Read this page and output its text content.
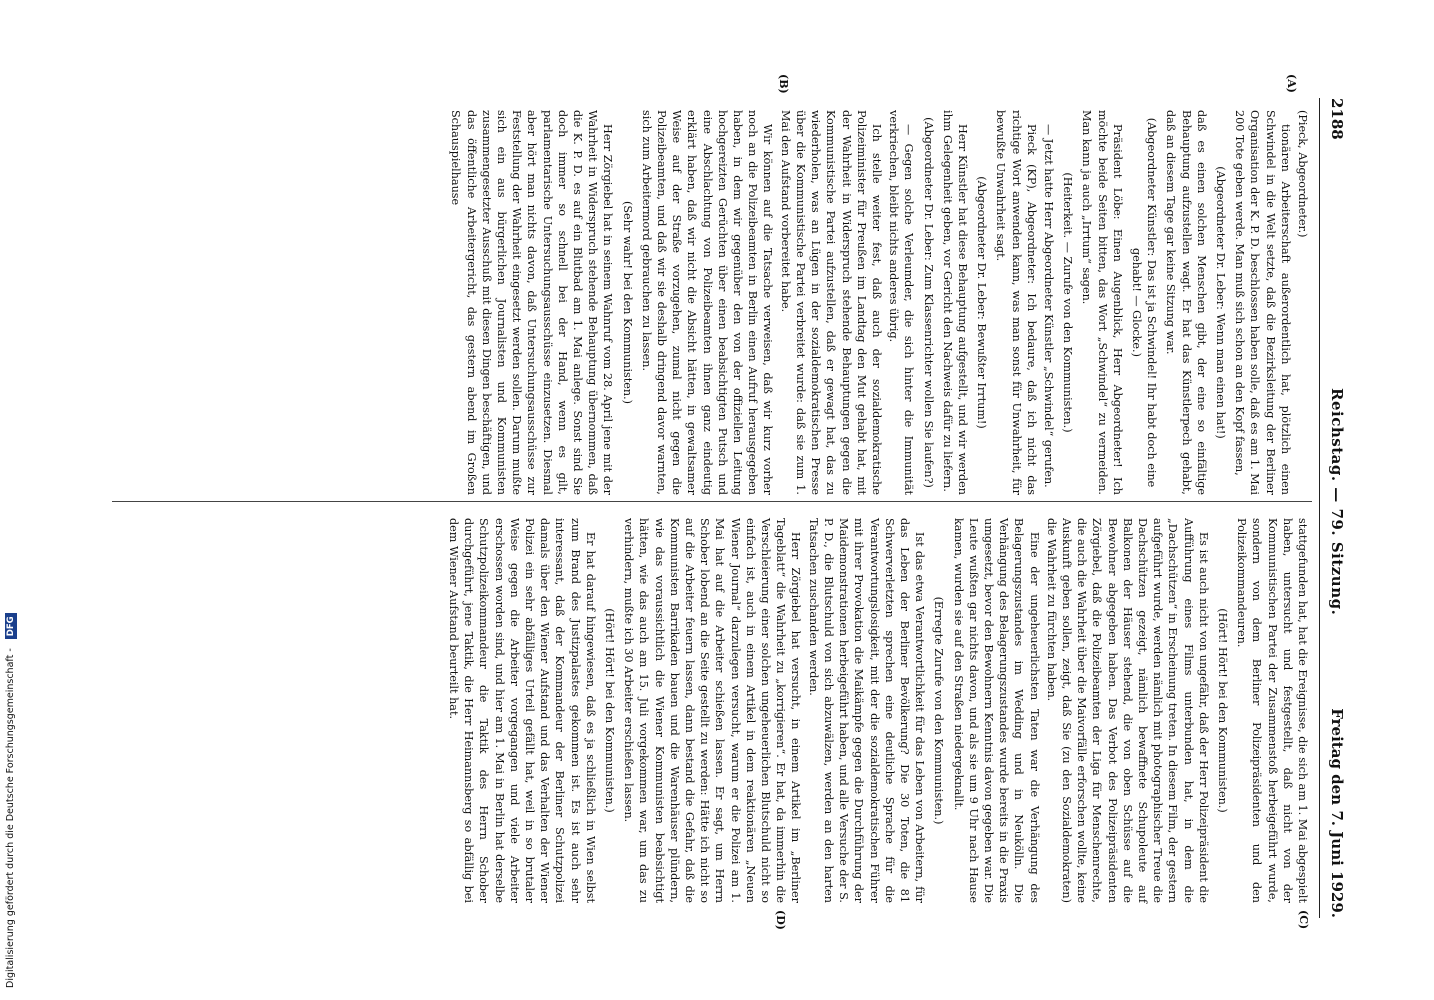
2188
Reichstag. — 79. Sitzung.
Freitag den 7. Juni 1929.
(A)
(B)
(C)
(D)

(Pieck, Abgeordneter.)

tionären Arbeiterschaft außerordentlich hat, plötzlich einen Schwindel in die Welt setzte, daß die Bezirksleitung der Berliner Organisation der K. P. D. beschlossen haben solle, daß es am 1. Mai 200 Tote geben werde. Man muß sich schon an den Kopf fassen,

(Abgeordneter Dr. Leber: Wenn man einen hat!)

daß es einen solchen Menschen gibt, der eine so einfältige Behauptung aufzustellen wagt. Er hat das Künstlerpech gehabt, daß an diesem Tage gar keine Sitzung war.

(Abgeordneter Künstler: Das ist ja Schwindel! Ihr habt doch eine gehabt! — Glocke.)

Präsident Löbe: Einen Augenblick, Herr Abgeordneter! Ich möchte beide Seiten bitten, das Wort „Schwindel“ zu vermeiden. Man kann ja auch „Irrtum“ sagen.

(Heiterkeit. — Zurufe von den Kommunisten.)

— Jetzt hatte Herr Abgeordneter Künstler „Schwindel“ gerufen.

Pieck (KP), Abgeordneter: Ich bedaure, daß ich nicht das richtige Wort anwenden kann, was man sonst für Unwahrheit, für bewußte Unwahrheit sagt.

(Abgeordneter Dr. Leber: Bewußter Irrtum!)

Herr Künstler hat diese Behauptung aufgestellt, und wir werden ihm Gelegenheit geben, vor Gericht den Nachweis dafür zu liefern.

(Abgeordneter Dr. Leber: Zum Klassenrichter wollen Sie laufen?)

— Gegen solche Verleumder, die sich hinter die Immunität verkriechen, bleibt nichts anderes übrig.

Ich stelle weiter fest, daß auch der sozialdemokratische Polizeiminister für Preußen im Landtag den Mut gehabt hat, mit der Wahrheit in Widerspruch stehende Behauptungen gegen die Kommunistische Partei aufzustellen, daß er gewagt hat, das zu wiederholen, was an Lügen in der sozialdemokratischen Presse über die Kommunistische Partei verbreitet wurde: daß sie zum 1. Mai den Aufstand vorbereitet habe.

Wir können auf die Tatsache verweisen, daß wir kurz vorher noch an die Polizeibeamten in Berlin einen Aufruf herausgegeben haben, in dem wir gegenüber den von der offiziellen Leitung hochgereizten Gerüchten über einen beabsichtigten Putsch und eine Abschlachtung von Polizeibeamten ihnen ganz eindeutig erklärt haben, daß wir nicht die Absicht hätten, in gewaltsamer Weise auf der Straße vorzugehen, zumal nicht gegen die Polizeibeamten, und daß wir sie deshalb dringend davor warnten, sich zum Arbeitermord gebrauchen zu lassen.

(Sehr wahr! bei den Kommunisten.)

Herr Zörgiebel hat in seinem Wahnruf vom 28. April jene mit der Wahrheit in Widerspruch stehende Behauptung übernommen, daß die K. P. D. es auf ein Blutbad am 1. Mai anlege. Sonst sind Sie doch immer so schnell bei der Hand, wenn es gilt, parlamentarische Untersuchungsausschüsse einzusetzen. Diesmal aber hört man nichts davon, daß Untersuchungsausschüsse zur Feststellung der Wahrheit eingesetzt werden sollen. Darum mußte sich ein aus bürgerlichen Journalisten und Kommunisten zusammengesetzter Ausschuß mit diesen Dingen beschäftigen, und das öffentliche Arbeitergericht, das gestern abend im Großen Schauspielhause

stattgefunden hat, hat die Ereignisse, die sich am 1. Mai abgespielt haben, untersucht und festgestellt, daß nicht von der Kommunistischen Partei der Zusammenstoß herbeigeführt wurde, sondern von dem Berliner Polizeipräsidenten und den Polizeikommandeuren.

(Hört! Hört! bei den Kommunisten.)

Es ist auch nicht von ungefähr, daß der Herr Polizeipräsident die Aufführung eines Films unterbunden hat, in dem die „Dachschützen“ in Erscheinung treten. In diesem Film, der gestern aufgeführt wurde, werden nämlich mit photographischer Treue die Dachschützen gezeigt, nämlich bewaffnete Schupoleute auf Balkonen der Häuser stehend, die von oben Schüsse auf die Bewohner abgegeben haben. Das Verbot des Polizeipräsidenten Zörgiebel, daß die Polizeibeamten der Liga für Menschenrechte, die auch die Wahrheit über die Maivorfälle erforschen wollte, keine Auskunft geben sollen, zeigt, daß Sie (zu den Sozialdemokraten) die Wahrheit zu fürchten haben.

Eine der ungeheuerlichsten Taten war die Verhängung des Belagerungszustandes im Wedding und in Neukölln. Die Verhängung des Belagerungszustandes wurde bereits in die Praxis umgesetzt, bevor den Bewohnern Kenntnis davon gegeben war. Die Leute wußten gar nichts davon, und als sie um 9 Uhr nach Hause kamen, wurden sie auf den Straßen niedergeknallt.

(Erregte Zurufe von den Kommunisten.)

Ist das etwa Verantwortlichkeit für das Leben von Arbeitern, für das Leben der Berliner Bevölkerung? Die 30 Toten, die 81 Schwerverletzten sprechen eine deutliche Sprache für die Verantwortungslosigkeit, mit der die sozialdemokratischen Führer mit ihrer Provokation die Maikämpfe gegen die Durchführung der Maidemonstrationen herbeigeführt haben, und alle Versuche der S. P. D., die Blutschuld von sich abzuwälzen, werden an den harten Tatsachen zuschanden werden.

Herr Zörgiebel hat versucht, in einem Artikel im „Berliner Tageblatt“ die Wahrheit zu „korrigieren“. Er hat, da immerhin die Verschleierung einer solchen ungeheuerlichen Blutschuld nicht so einfach ist, auch in einem Artikel in dem reaktionären „Neuen Wiener Journal“ darzulegen versucht, warum er die Polizei am 1. Mai hat auf die Arbeiter schießen lassen. Er sagt, um Herrn Schober lobend an die Seite gestellt zu werden: Hätte ich nicht so auf die Arbeiter feuern lassen, dann bestand die Gefahr, daß die Kommunisten Barrikaden bauen und die Warenhäuser plündern, wie das voraussichtlich die Wiener Kommunisten beabsichtigt hätten, wie das auch am 15. Juli vorgekommen war, um das zu verhindern, mußte ich 30 Arbeiter erschießen lassen.

(Hört! Hört! bei den Kommunisten.)

Er hat darauf hingewiesen, daß es ja schließlich in Wien selbst zum Brand des Justizpalastes gekommen ist. Es ist auch sehr interessant, daß der Kommandeur der Berliner Schutzpolizei damals über den Wiener Aufstand und das Verhalten der Wiener Polizei ein sehr abfälliges Urteil gefällt hat, weil in so brutaler Weise gegen die Arbeiter vorgegangen und viele Arbeiter erschossen worden sind, und hier am 1. Mai in Berlin hat derselbe Schutzpolizeikommandeur die Taktik des Herrn Schober durchgeführt, jene Taktik, die Herr Heimannsberg so abfällig bei dem Wiener Aufstand beurteilt hat.

Digitalisierung gefördert durch die Deutsche Forschungsgemeinschaft - DFG
